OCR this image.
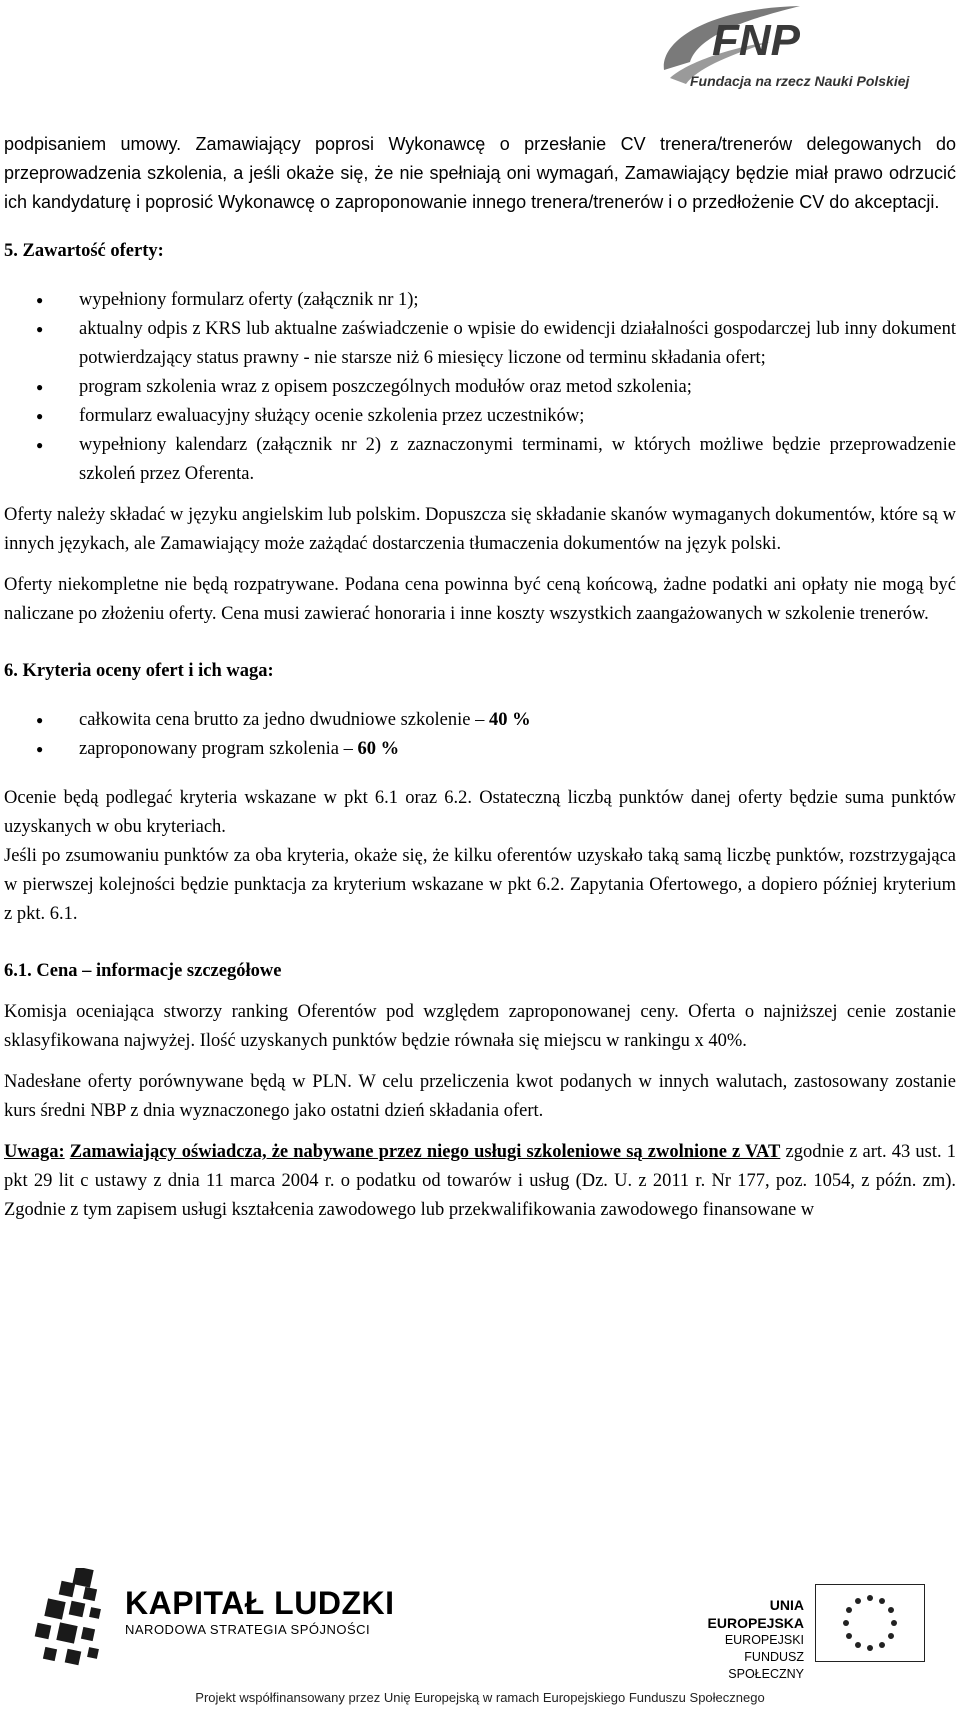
FNP
Fundacja na rzecz Nauki Polskiej

podpisaniem umowy. Zamawiający poprosi Wykonawcę o przesłanie CV trenera/trenerów delegowanych do przeprowadzenia szkolenia, a jeśli okaże się, że nie spełniają oni wymagań, Zamawiający będzie miał prawo odrzucić ich kandydaturę i poprosić Wykonawcę o zaproponowanie innego trenera/trenerów i o przedłożenie CV do akceptacji.

5. Zawartość oferty:
● wypełniony formularz oferty (załącznik nr 1);
● aktualny odpis z KRS lub aktualne zaświadczenie o wpisie do ewidencji działalności gospodarczej lub inny dokument potwierdzający status prawny - nie starsze niż 6 miesięcy liczone od terminu składania ofert;
● program szkolenia wraz z opisem poszczególnych modułów oraz metod szkolenia;
● formularz ewaluacyjny służący ocenie szkolenia przez uczestników;
● wypełniony kalendarz (załącznik nr 2) z zaznaczonymi terminami, w których możliwe będzie przeprowadzenie szkoleń przez Oferenta.

Oferty należy składać w języku angielskim lub polskim. Dopuszcza się składanie skanów wymaganych dokumentów, które są w innych językach, ale Zamawiający może zażądać dostarczenia tłumaczenia dokumentów na język polski.

Oferty niekompletne nie będą rozpatrywane. Podana cena powinna być ceną końcową, żadne podatki ani opłaty nie mogą być naliczane po złożeniu oferty. Cena musi zawierać honoraria i inne koszty wszystkich zaangażowanych w szkolenie trenerów.

6. Kryteria oceny ofert i ich waga:
● całkowita cena brutto za jedno dwudniowe szkolenie – 40 %
● zaproponowany program szkolenia – 60 %

Ocenie będą podlegać kryteria wskazane w pkt 6.1 oraz 6.2. Ostateczną liczbą punktów danej oferty będzie suma punktów uzyskanych w obu kryteriach.

Jeśli po zsumowaniu punktów za oba kryteria, okaże się, że kilku oferentów uzyskało taką samą liczbę punktów, rozstrzygająca w pierwszej kolejności będzie punktacja za kryterium wskazane w pkt 6.2. Zapytania Ofertowego, a dopiero później kryterium z pkt. 6.1.

6.1. Cena – informacje szczegółowe

Komisja oceniająca stworzy ranking Oferentów pod względem zaproponowanej ceny. Oferta o najniższej cenie zostanie sklasyfikowana najwyżej. Ilość uzyskanych punktów będzie równała się miejscu w rankingu x 40%.

Nadesłane oferty porównywane będą w PLN. W celu przeliczenia kwot podanych w innych walutach, zastosowany zostanie kurs średni NBP z dnia wyznaczonego jako ostatni dzień składania ofert.

Uwaga: Zamawiający oświadcza, że nabywane przez niego usługi szkoleniowe są zwolnione z VAT zgodnie z art. 43 ust. 1 pkt 29 lit c ustawy z dnia 11 marca 2004 r. o podatku od towarów i usług (Dz. U. z 2011 r. Nr 177, poz. 1054, z późn. zm). Zgodnie z tym zapisem usługi kształcenia zawodowego lub przekwalifikowania zawodowego finansowane w

KAPITAŁ LUDZKI
NARODOWA STRATEGIA SPÓJNOŚCI
UNIA EUROPEJSKA
EUROPEJSKI
FUNDUSZ SPOŁECZNY
Projekt współfinansowany przez Unię Europejską w ramach Europejskiego Funduszu Społecznego
